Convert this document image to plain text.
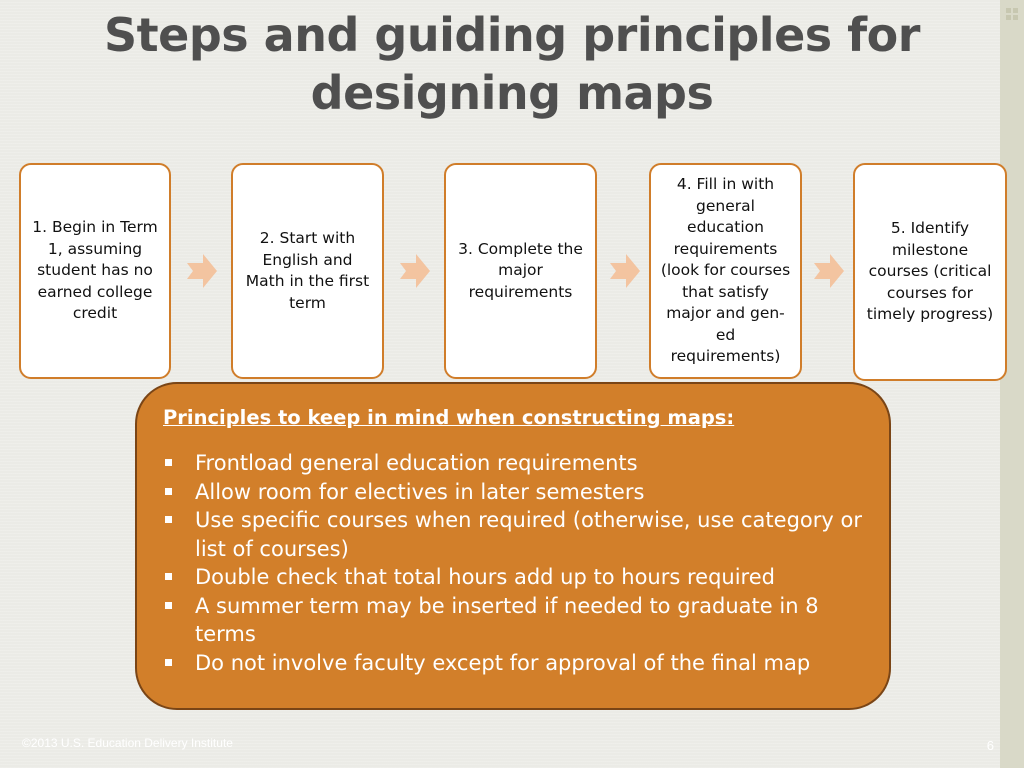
Steps and guiding principles for designing maps
1. Begin in Term 1, assuming student has no earned college credit
2. Start with English and Math in the first term
3. Complete the major requirements
4. Fill in with general education requirements (look for courses that satisfy major and gen-ed requirements)
5. Identify milestone courses (critical courses for timely progress)
Principles to keep in mind when constructing maps:
Frontload general education requirements
Allow room for electives in later semesters
Use specific courses when required (otherwise, use category or list of courses)
Double check that total hours add up to hours required
A summer term may be inserted if needed to graduate in 8 terms
Do not involve faculty except for approval of the final map
©2013 U.S. Education Delivery Institute	6
